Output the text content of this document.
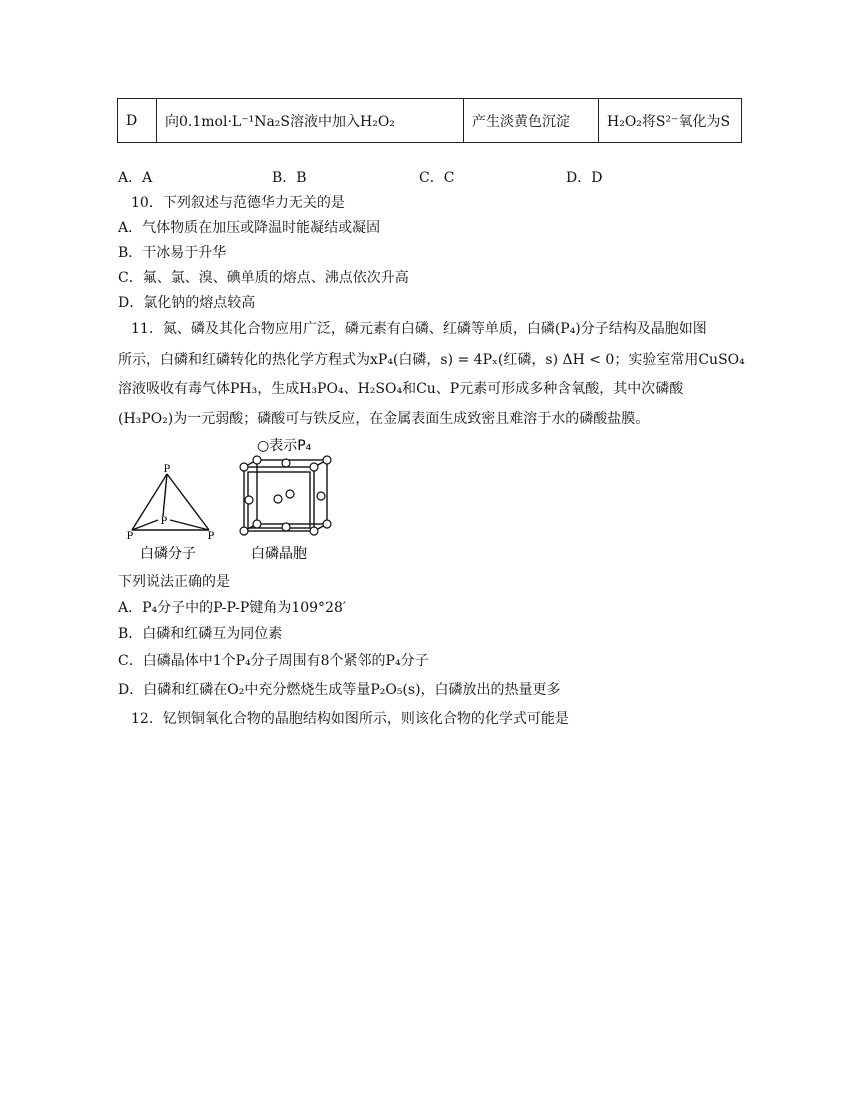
D	向0.1mol·L⁻¹Na₂S溶液中加入H₂O₂	产生淡黄色沉淀	H₂O₂将S²⁻氧化为S
A．A	B．B	C．C	D．D
10．下列叙述与范德华力无关的是
A．气体物质在加压或降温时能凝结或凝固
B．干冰易于升华
C．氟、氯、溴、碘单质的熔点、沸点依次升高
D．氯化钠的熔点较高
11．氮、磷及其化合物应用广泛，磷元素有白磷、红磷等单质，白磷(P₄)分子结构及晶胞如图
所示，白磷和红磷转化的热化学方程式为xP₄(白磷，s) = 4Pₓ(红磷，s) ΔH < 0；实验室常用CuSO₄
溶液吸收有毒气体PH₃，生成H₃PO₄、H₂SO₄和Cu、P元素可形成多种含氧酸，其中次磷酸
(H₃PO₂)为一元弱酸；磷酸可与铁反应，在金属表面生成致密且难溶于水的磷酸盐膜。
P
P
P	P
白磷分子
○表示P₄
白磷晶胞
下列说法正确的是
A．P₄分子中的P-P-P键角为109°28′
B．白磷和红磷互为同位素
C．白磷晶体中1个P₄分子周围有8个紧邻的P₄分子
D．白磷和红磷在O₂中充分燃烧生成等量P₂O₅(s)，白磷放出的热量更多
12．钇钡铜氧化合物的晶胞结构如图所示，则该化合物的化学式可能是
